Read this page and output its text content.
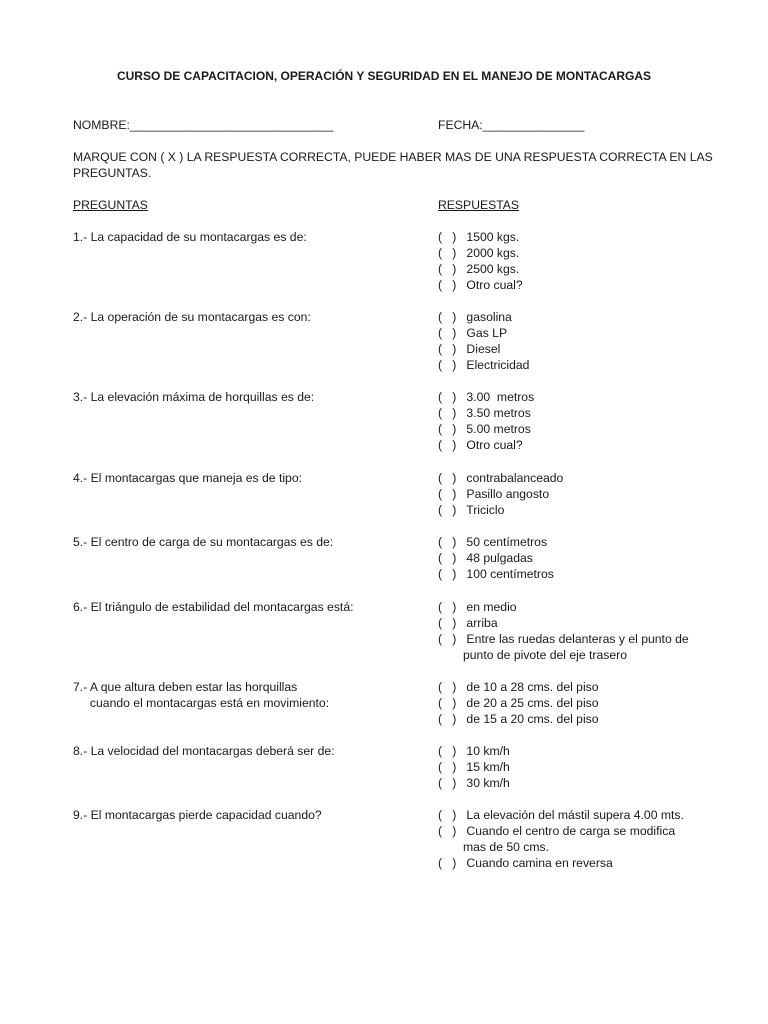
CURSO DE CAPACITACION, OPERACIÓN Y SEGURIDAD EN EL MANEJO DE MONTACARGAS
NOMBRE:______________________________	FECHA:_______________
MARQUE CON ( X ) LA RESPUESTA CORRECTA, PUEDE HABER MAS DE UNA RESPUESTA CORRECTA EN LAS PREGUNTAS.
PREGUNTAS	RESPUESTAS
1.- La capacidad de su montacargas es de:	(   )   1500 kgs.
(   )   2000 kgs.
(   )   2500 kgs.
(   )   Otro cual?
2.- La operación de su montacargas es con:	(   )   gasolina
(   )   Gas LP
(   )   Diesel
(   )   Electricidad
3.- La elevación máxima de horquillas es de:	(   )   3.00  metros
(   )   3.50 metros
(   )   5.00 metros
(   )   Otro cual?
4.- El montacargas que maneja es de tipo:	(   )   contrabalanceado
(   )   Pasillo angosto
(   )   Triciclo
5.- El centro de carga de su montacargas es de:	(   )   50 centímetros
(   )   48 pulgadas
(   )   100 centímetros
6.- El triángulo de estabilidad del montacargas está:	(   )   en medio
(   )   arriba
(   )   Entre las ruedas delanteras y el punto de
punto de pivote del eje trasero
7.- A que altura deben estar las horquillas
cuando el montacargas está en movimiento:
(   )   de 10 a 28 cms. del piso
(   )   de 20 a 25 cms. del piso
(   )   de 15 a 20 cms. del piso
8.- La velocidad del montacargas deberá ser de:	(   )   10 km/h
(   )   15 km/h
(   )   30 km/h
9.- El montacargas pierde capacidad cuando?	(   )   La elevación del mástil supera 4.00 mts.
(   )   Cuando el centro de carga se modifica
mas de 50 cms.
(   )   Cuando camina en reversa
